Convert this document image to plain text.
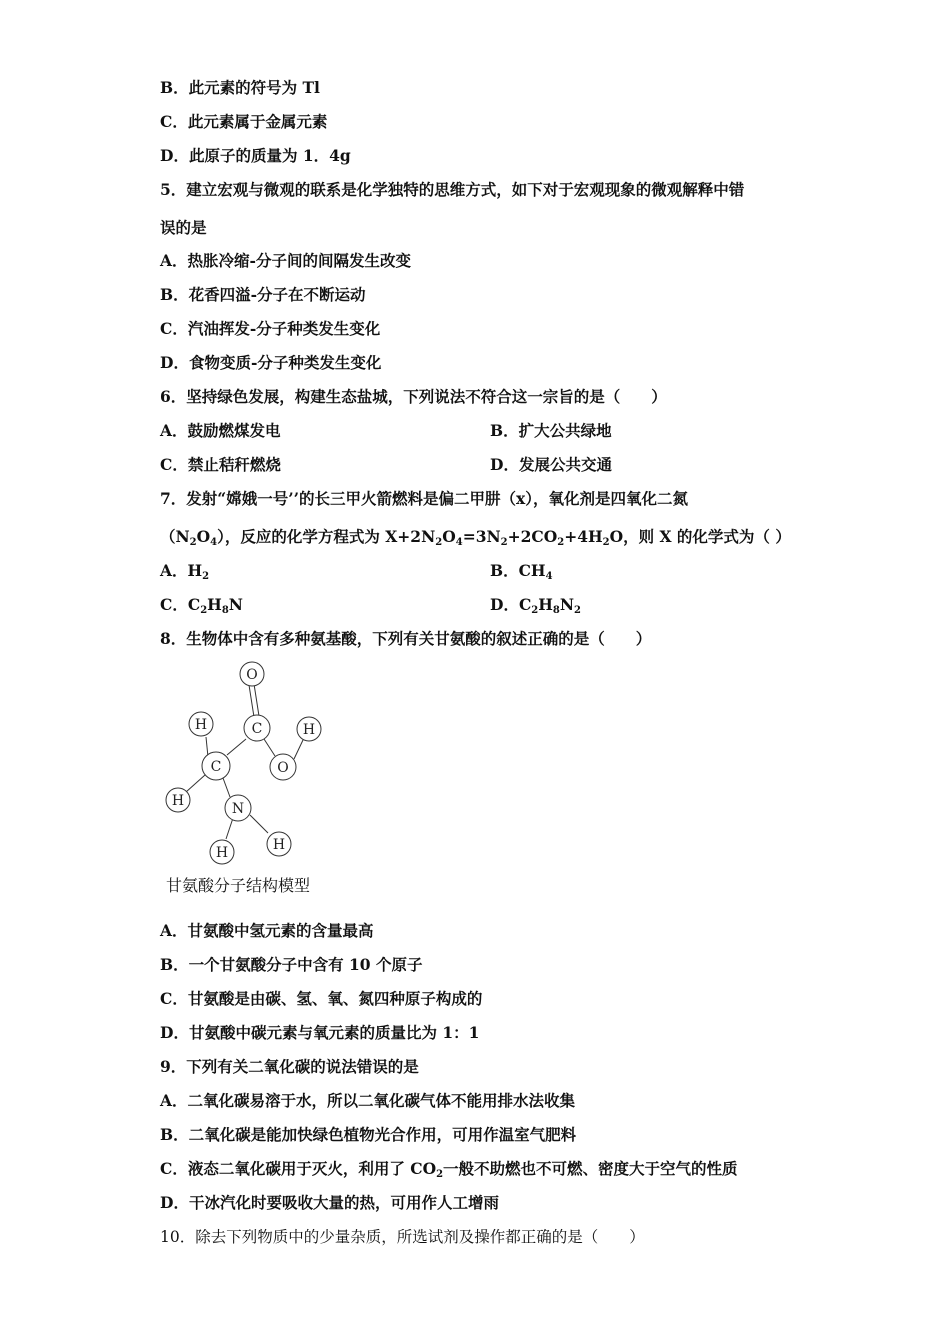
B．此元素的符号为 Tl
C．此元素属于金属元素
D．此原子的质量为 1．4g
5．建立宏观与微观的联系是化学独特的思维方式，如下对于宏观现象的微观解释中错
误的是
A．热胀冷缩-分子间的间隔发生改变
B．花香四溢-分子在不断运动
C．汽油挥发-分子种类发生变化
D．食物变质-分子种类发生变化
6．坚持绿色发展，构建生态盐城，下列说法不符合这一宗旨的是（　　）
A．鼓励燃煤发电	B．扩大公共绿地
C．禁止秸秆燃烧	D．发展公共交通
7．发射“嫦娥一号’’的长三甲火箭燃料是偏二甲肼（x），氧化剂是四氧化二氮
$(N_2O_4)$，反应的化学方程式为 $X+2N_2O_4=3N_2+2CO_2+4H_2O$，则 X 的化学式为（ ）
A．$H_2$	B．$CH_4$
C．$C_2H_8N$	D．$C_2H_8N_2$
8．生物体中含有多种氨基酸，下列有关甘氨酸的叙述正确的是（　　）
O
C
H	H
C	O
H	N
H	H
甘氨酸分子结构模型
A．甘氨酸中氢元素的含量最高
B．一个甘氨酸分子中含有 10 个原子
C．甘氨酸是由碳、氢、氧、氮四种原子构成的
D．甘氨酸中碳元素与氧元素的质量比为 1：1
9．下列有关二氧化碳的说法错误的是
A．二氧化碳易溶于水，所以二氧化碳气体不能用排水法收集
B．二氧化碳是能加快绿色植物光合作用，可用作温室气肥料
C．液态二氧化碳用于灭火，利用了 $CO_2$一般不助燃也不可燃、密度大于空气的性质
D．干冰汽化时要吸收大量的热，可用作人工增雨
10．除去下列物质中的少量杂质，所选试剂及操作都正确的是（　　）
